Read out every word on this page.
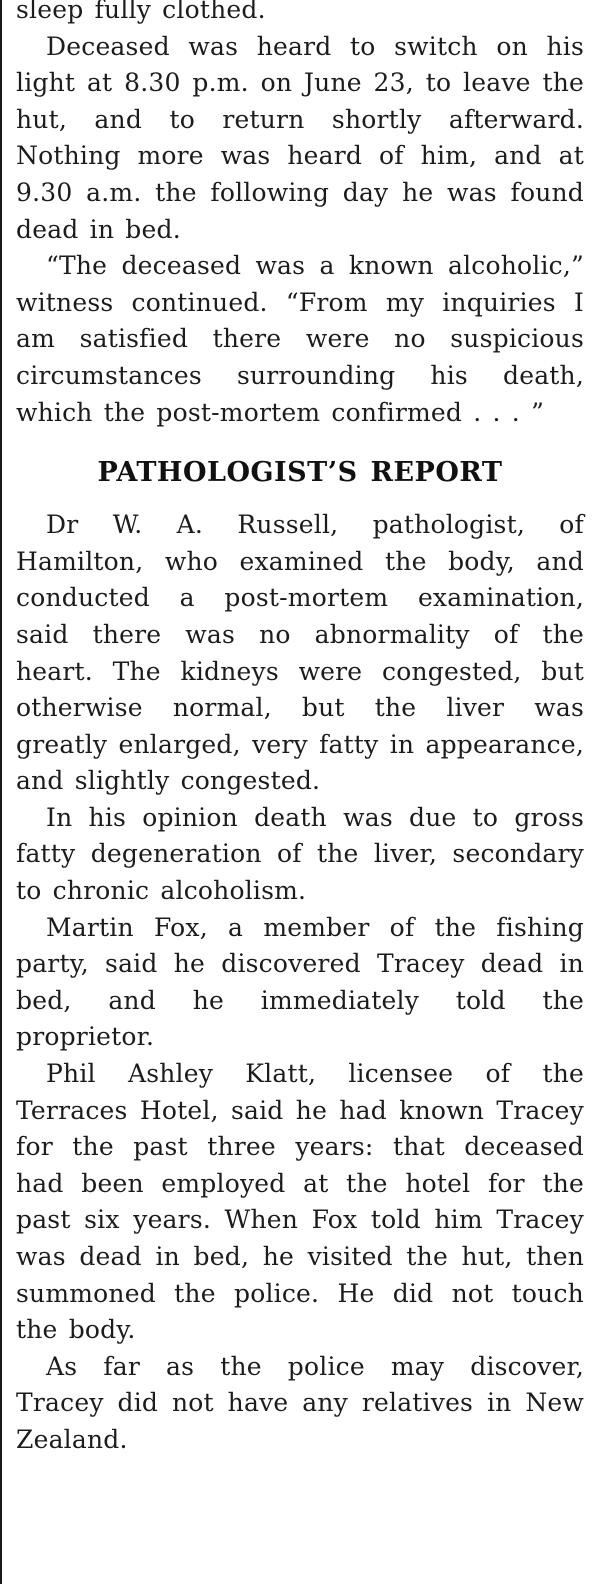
sleep fully clothed.

Deceased was heard to switch on his light at 8.30 p.m. on June 23, to leave the hut, and to return shortly afterward. Nothing more was heard of him, and at 9.30 a.m. the following day he was found dead in bed.

“The deceased was a known alcoholic,” witness continued. “From my inquiries I am satisfied there were no suspicious circumstances surrounding his death, which the post-mortem confirmed . . . ”

PATHOLOGIST’S REPORT

Dr W. A. Russell, pathologist, of Hamilton, who examined the body, and conducted a post-mortem examination, said there was no abnormality of the heart. The kidneys were congested, but otherwise normal, but the liver was greatly enlarged, very fatty in appearance, and slightly congested.

In his opinion death was due to gross fatty degeneration of the liver, secondary to chronic alcoholism.

Martin Fox, a member of the fishing party, said he discovered Tracey dead in bed, and he immediately told the proprietor.

Phil Ashley Klatt, licensee of the Terraces Hotel, said he had known Tracey for the past three years: that deceased had been employed at the hotel for the past six years. When Fox told him Tracey was dead in bed, he visited the hut, then summoned the police. He did not touch the body.

As far as the police may discover, Tracey did not have any relatives in New Zealand.
